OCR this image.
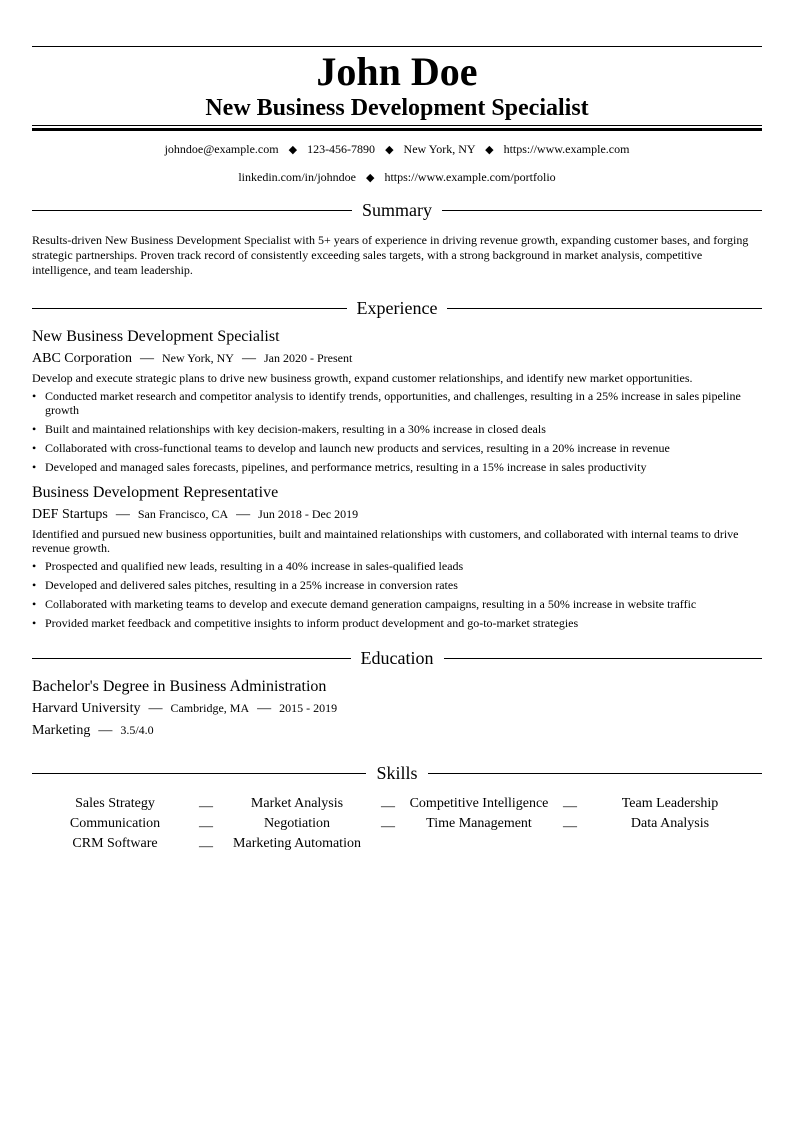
John Doe
New Business Development Specialist
johndoe@example.com ◆ 123-456-7890 ◆ New York, NY ◆ https://www.example.com
linkedin.com/in/johndoe ◆ https://www.example.com/portfolio
Summary
Results-driven New Business Development Specialist with 5+ years of experience in driving revenue growth, expanding customer bases, and forging strategic partnerships. Proven track record of consistently exceeding sales targets, with a strong background in market analysis, competitive intelligence, and team leadership.
Experience
New Business Development Specialist
ABC Corporation — New York, NY — Jan 2020 - Present
Develop and execute strategic plans to drive new business growth, expand customer relationships, and identify new market opportunities.
• Conducted market research and competitor analysis to identify trends, opportunities, and challenges, resulting in a 25% increase in sales pipeline growth
• Built and maintained relationships with key decision-makers, resulting in a 30% increase in closed deals
• Collaborated with cross-functional teams to develop and launch new products and services, resulting in a 20% increase in revenue
• Developed and managed sales forecasts, pipelines, and performance metrics, resulting in a 15% increase in sales productivity
Business Development Representative
DEF Startups — San Francisco, CA — Jun 2018 - Dec 2019
Identified and pursued new business opportunities, built and maintained relationships with customers, and collaborated with internal teams to drive revenue growth.
• Prospected and qualified new leads, resulting in a 40% increase in sales-qualified leads
• Developed and delivered sales pitches, resulting in a 25% increase in conversion rates
• Collaborated with marketing teams to develop and execute demand generation campaigns, resulting in a 50% increase in website traffic
• Provided market feedback and competitive insights to inform product development and go-to-market strategies
Education
Bachelor's Degree in Business Administration
Harvard University — Cambridge, MA — 2015 - 2019
Marketing — 3.5/4.0
Skills
Sales Strategy	—	Market Analysis	—	Competitive Intelligence	—	Team Leadership
Communication	—	Negotiation	—	Time Management	—	Data Analysis
CRM Software	—	Marketing Automation
